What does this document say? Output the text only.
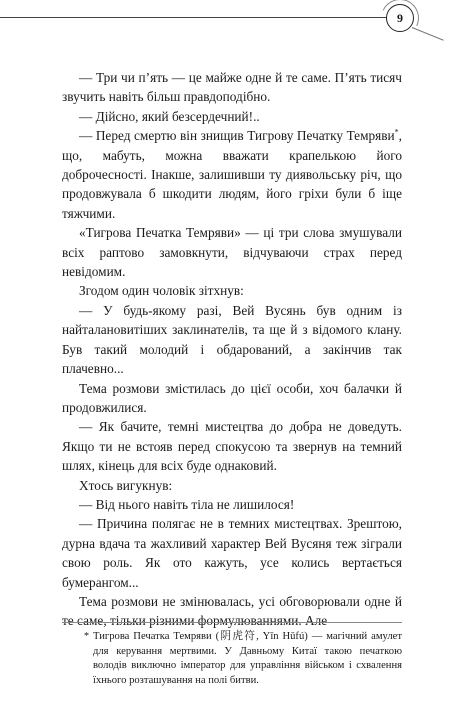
9

— Три чи п’ять — це майже одне й те саме. П’ять тисяч звучить навіть більш правдоподібно.

— Дійсно, який безсердечний!..

— Перед смертю він знищив Тигрову Печатку Темряви*, що, мабуть, можна вважати крапелькою його доброчесності. Інакше, залишивши ту диявольську річ, що продовжувала б шкодити людям, його гріхи були б іще тяжчими.

«Тигрова Печатка Темряви» — ці три слова змушували всіх раптово замовкнути, відчуваючи страх перед невідомим.

Згодом один чоловік зітхнув:

— У будь-якому разі, Вей Вусянь був одним із найталановитіших заклинателів, та ще й з відомого клану. Був такий молодий і обдарований, а закінчив так плачевно...

Тема розмови змістилась до цієї особи, хоч балачки й продовжилися.

— Як бачите, темні мистецтва до добра не доведуть. Якщо ти не встояв перед спокусою та звернув на темний шлях, кінець для всіх буде однаковий.

Хтось вигукнув:

— Від нього навіть тіла не лишилося!

— Причина полягає не в темних мистецтвах. Зрештою, дурна вдача та жахливий характер Вей Вусяня теж зіграли свою роль. Як ото кажуть, усе колись вертається бумерангом...

Тема розмови не змінювалась, усі обговорювали одне й те саме, тільки різними формулюваннями. Але

* Тигрова Печатка Темряви (阴虎符, Yīn Hǔfú) — магічний амулет для керування мертвими. У Давньому Китаї такою печаткою володів виключно імператор для управління військом і схвалення їхнього розташування на полі битви.
